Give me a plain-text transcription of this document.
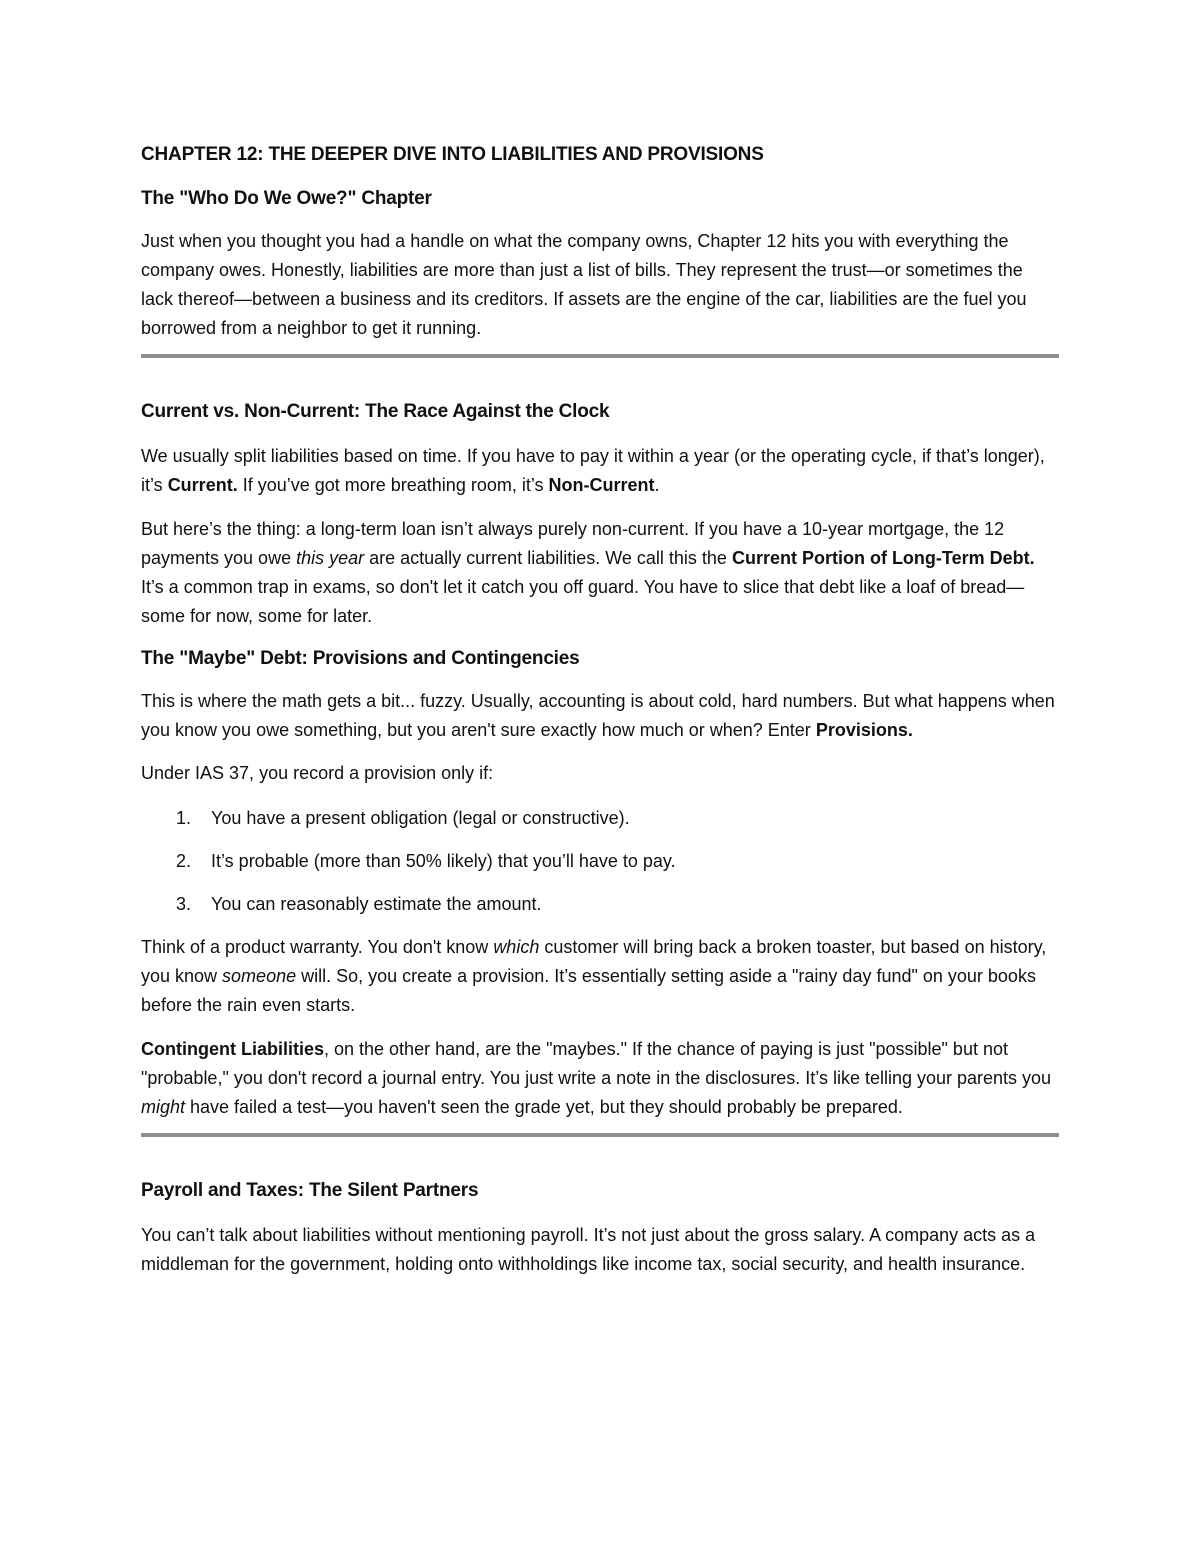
CHAPTER 12: THE DEEPER DIVE INTO LIABILITIES AND PROVISIONS
The "Who Do We Owe?" Chapter

Just when you thought you had a handle on what the company owns, Chapter 12 hits you with everything the company owes. Honestly, liabilities are more than just a list of bills. They represent the trust—or sometimes the lack thereof—between a business and its creditors. If assets are the engine of the car, liabilities are the fuel you borrowed from a neighbor to get it running.

Current vs. Non-Current: The Race Against the Clock

We usually split liabilities based on time. If you have to pay it within a year (or the operating cycle, if that’s longer), it’s Current. If you’ve got more breathing room, it’s Non-Current.

But here’s the thing: a long-term loan isn’t always purely non-current. If you have a 10-year mortgage, the 12 payments you owe this year are actually current liabilities. We call this the Current Portion of Long-Term Debt. It’s a common trap in exams, so don't let it catch you off guard. You have to slice that debt like a loaf of bread—some for now, some for later.

The "Maybe" Debt: Provisions and Contingencies

This is where the math gets a bit... fuzzy. Usually, accounting is about cold, hard numbers. But what happens when you know you owe something, but you aren't sure exactly how much or when? Enter Provisions.

Under IAS 37, you record a provision only if:

1. You have a present obligation (legal or constructive).
2. It’s probable (more than 50% likely) that you’ll have to pay.
3. You can reasonably estimate the amount.

Think of a product warranty. You don't know which customer will bring back a broken toaster, but based on history, you know someone will. So, you create a provision. It’s essentially setting aside a "rainy day fund" on your books before the rain even starts.

Contingent Liabilities, on the other hand, are the "maybes." If the chance of paying is just "possible" but not "probable," you don't record a journal entry. You just write a note in the disclosures. It’s like telling your parents you might have failed a test—you haven't seen the grade yet, but they should probably be prepared.

Payroll and Taxes: The Silent Partners

You can’t talk about liabilities without mentioning payroll. It’s not just about the gross salary. A company acts as a middleman for the government, holding onto withholdings like income tax, social security, and health insurance.
